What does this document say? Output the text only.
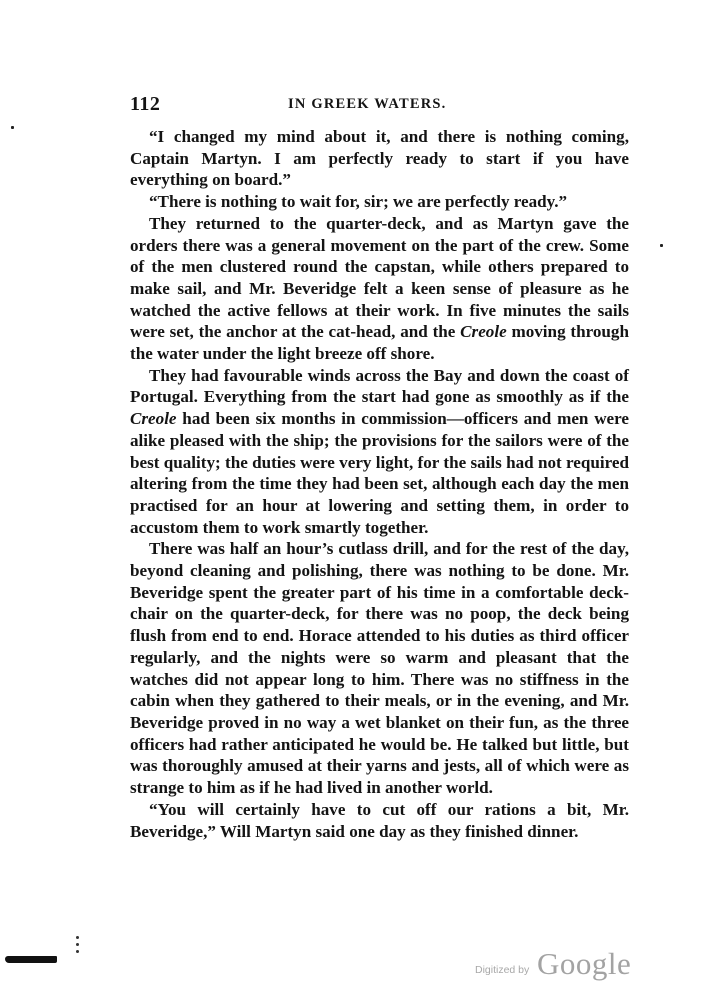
112	IN GREEK WATERS.

“I changed my mind about it, and there is nothing coming, Captain Martyn. I am perfectly ready to start if you have everything on board.”

“There is nothing to wait for, sir; we are perfectly ready.”

They returned to the quarter-deck, and as Martyn gave the orders there was a general movement on the part of the crew. Some of the men clustered round the capstan, while others prepared to make sail, and Mr. Beveridge felt a keen sense of pleasure as he watched the active fellows at their work. In five minutes the sails were set, the anchor at the cat-head, and the Creole moving through the water under the light breeze off shore.

They had favourable winds across the Bay and down the coast of Portugal. Everything from the start had gone as smoothly as if the Creole had been six months in commission—officers and men were alike pleased with the ship; the provisions for the sailors were of the best quality; the duties were very light, for the sails had not required altering from the time they had been set, although each day the men practised for an hour at lowering and setting them, in order to accustom them to work smartly together.

There was half an hour’s cutlass drill, and for the rest of the day, beyond cleaning and polishing, there was nothing to be done. Mr. Beveridge spent the greater part of his time in a comfortable deck-chair on the quarter-deck, for there was no poop, the deck being flush from end to end. Horace attended to his duties as third officer regularly, and the nights were so warm and pleasant that the watches did not appear long to him. There was no stiffness in the cabin when they gathered to their meals, or in the evening, and Mr. Beveridge proved in no way a wet blanket on their fun, as the three officers had rather anticipated he would be. He talked but little, but was thoroughly amused at their yarns and jests, all of which were as strange to him as if he had lived in another world.

“You will certainly have to cut off our rations a bit, Mr. Beveridge,” Will Martyn said one day as they finished dinner.

Digitized by Google
